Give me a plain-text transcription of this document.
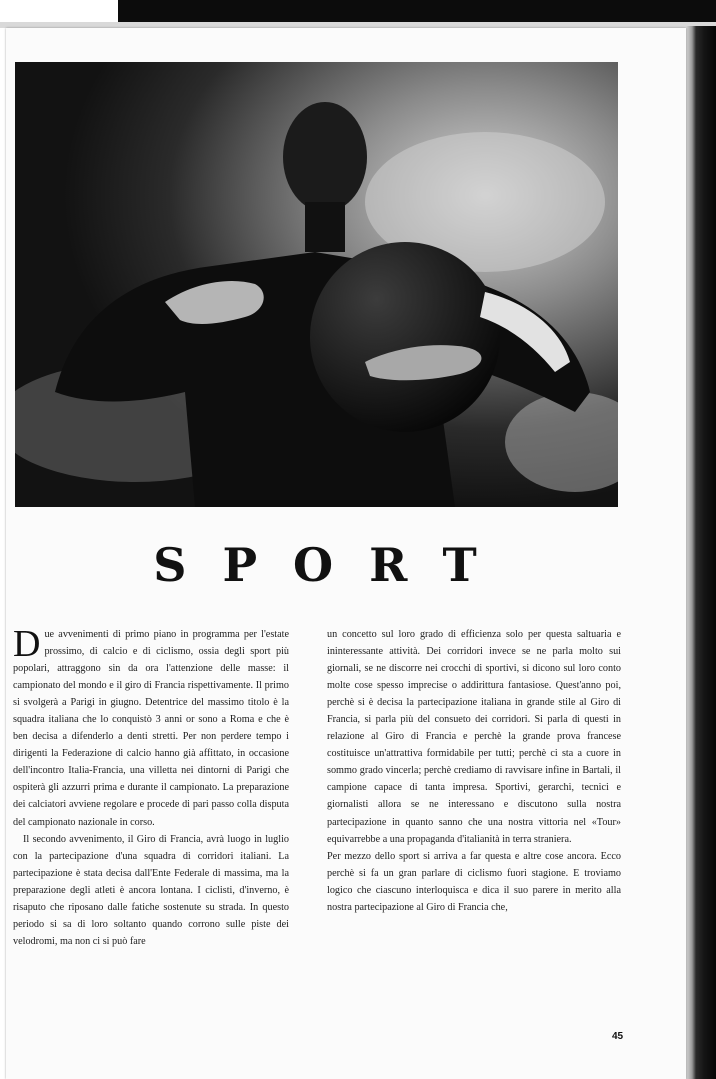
SPORT

Due avvenimenti di primo piano in programma per l'estate prossimo, di calcio e di ciclismo, ossia degli sport più popolari, attraggono sin da ora l'attenzione delle masse: il campionato del mondo e il giro di Francia rispettivamente. Il primo si svolgerà a Parigi in giugno. Detentrice del massimo titolo è la squadra italiana che lo conquistò 3 anni or sono a Roma e che è ben decisa a difenderlo a denti stretti. Per non perdere tempo i dirigenti la Federazione di calcio hanno già affittato, in occasione dell'incontro Italia-Francia, una villetta nei dintorni di Parigi che ospiterà gli azzurri prima e durante il campionato. La preparazione dei calciatori avviene regolare e procede di pari passo colla disputa del campionato nazionale in corso.

Il secondo avvenimento, il Giro di Francia, avrà luogo in luglio con la partecipazione d'una squadra di corridori italiani. La partecipazione è stata decisa dall'Ente Federale di massima, ma la preparazione degli atleti è ancora lontana. I ciclisti, d'inverno, è risaputo che riposano dalle fatiche sostenute su strada. In questo periodo si sa di loro soltanto quando corrono sulle piste dei velodromi, ma non ci si può fare

un concetto sul loro grado di efficienza solo per questa saltuaria e ininteressante attività. Dei corridori invece se ne parla molto sui giornali, se ne discorre nei crocchi di sportivi, si dicono sul loro conto molte cose spesso imprecise o addirittura fantasiose. Quest'anno poi, perchè si è decisa la partecipazione italiana in grande stile al Giro di Francia, si parla più del consueto dei corridori. Si parla di questi in relazione al Giro di Francia e perchè la grande prova francese costituisce un'attrattiva formidabile per tutti; perchè ci sta a cuore in sommo grado vincerla; perchè crediamo di ravvisare infine in Bartali, il campione capace di tanta impresa. Sportivi, gerarchi, tecnici e giornalisti allora se ne interessano e discutono sulla nostra partecipazione in quanto sanno che una nostra vittoria nel «Tour» equivarrebbe a una propaganda d'italianità in terra straniera.

Per mezzo dello sport si arriva a far questa e altre cose ancora. Ecco perchè si fa un gran parlare di ciclismo fuori stagione. E troviamo logico che ciascuno interloquisca e dica il suo parere in merito alla nostra partecipazione al Giro di Francia che,

45
